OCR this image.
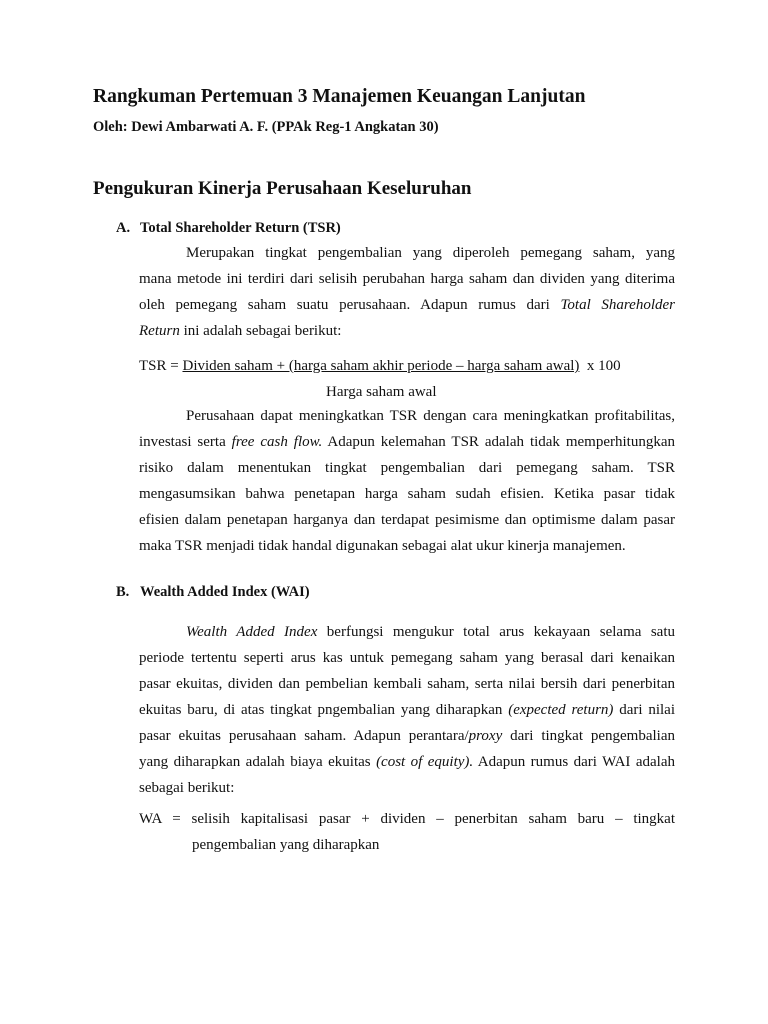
Rangkuman Pertemuan 3 Manajemen Keuangan Lanjutan
Oleh: Dewi Ambarwati A. F. (PPAk Reg-1 Angkatan 30)
Pengukuran Kinerja Perusahaan Keseluruhan
A. Total Shareholder Return (TSR)
Merupakan tingkat pengembalian yang diperoleh pemegang saham, yang
mana metode ini terdiri dari selisih perubahan harga saham dan dividen yang diterima
oleh pemegang saham suatu perusahaan. Adapun rumus dari Total Shareholder
Return ini adalah sebagai berikut:
TSR = Dividen saham + (harga saham akhir periode – harga saham awal)  x 100
Harga saham awal
Perusahaan dapat meningkatkan TSR dengan cara meningkatkan profitabilitas,
investasi serta free cash flow. Adapun kelemahan TSR adalah tidak memperhitungkan
risiko dalam menentukan tingkat pengembalian dari pemegang saham. TSR
mengasumsikan bahwa penetapan harga saham sudah efisien. Ketika pasar tidak
efisien dalam penetapan harganya dan terdapat pesimisme dan optimisme dalam pasar
maka TSR menjadi tidak handal digunakan sebagai alat ukur kinerja manajemen.
B. Wealth Added Index (WAI)
Wealth Added Index berfungsi mengukur total arus kekayaan selama satu
periode tertentu seperti arus kas untuk pemegang saham yang berasal dari kenaikan
pasar ekuitas, dividen dan pembelian kembali saham, serta nilai bersih dari penerbitan
ekuitas baru, di atas tingkat pngembalian yang diharapkan (expected return) dari nilai
pasar ekuitas perusahaan saham. Adapun perantara/proxy dari tingkat pengembalian
yang diharapkan adalah biaya ekuitas (cost of equity). Adapun rumus dari WAI adalah
sebagai berikut:
WA = selisih kapitalisasi pasar + dividen – penerbitan saham baru – tingkat
pengembalian yang diharapkan
